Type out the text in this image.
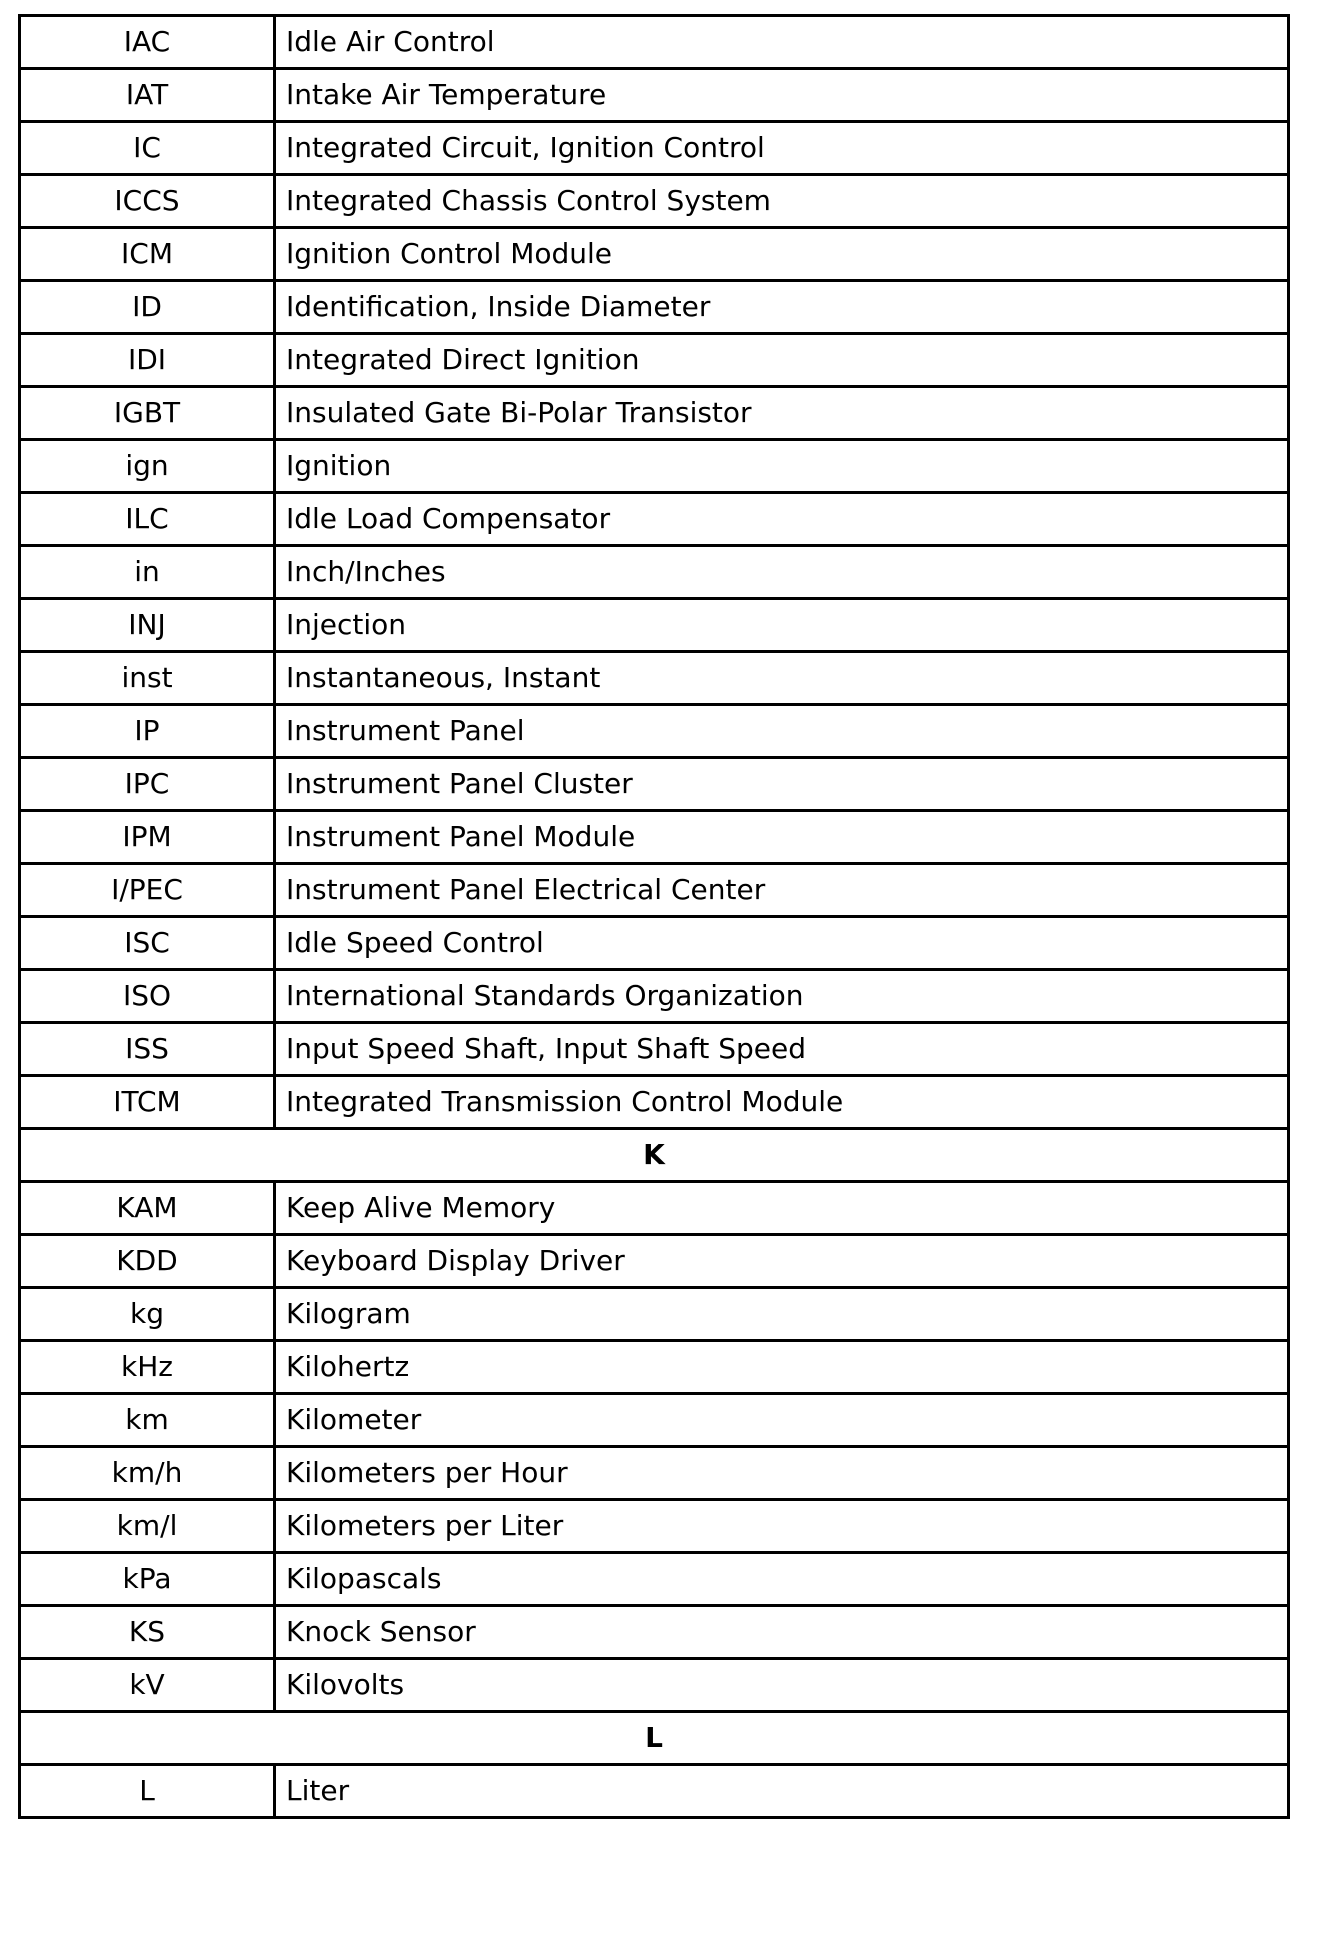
IAC	Idle Air Control
IAT	Intake Air Temperature
IC	Integrated Circuit, Ignition Control
ICCS	Integrated Chassis Control System
ICM	Ignition Control Module
ID	Identification, Inside Diameter
IDI	Integrated Direct Ignition
IGBT	Insulated Gate Bi-Polar Transistor
ign	Ignition
ILC	Idle Load Compensator
in	Inch/Inches
INJ	Injection
inst	Instantaneous, Instant
IP	Instrument Panel
IPC	Instrument Panel Cluster
IPM	Instrument Panel Module
I/PEC	Instrument Panel Electrical Center
ISC	Idle Speed Control
ISO	International Standards Organization
ISS	Input Speed Shaft, Input Shaft Speed
ITCM	Integrated Transmission Control Module
K	
KAM	Keep Alive Memory
KDD	Keyboard Display Driver
kg	Kilogram
kHz	Kilohertz
km	Kilometer
km/h	Kilometers per Hour
km/l	Kilometers per Liter
kPa	Kilopascals
KS	Knock Sensor
kV	Kilovolts
L	
L	Liter
